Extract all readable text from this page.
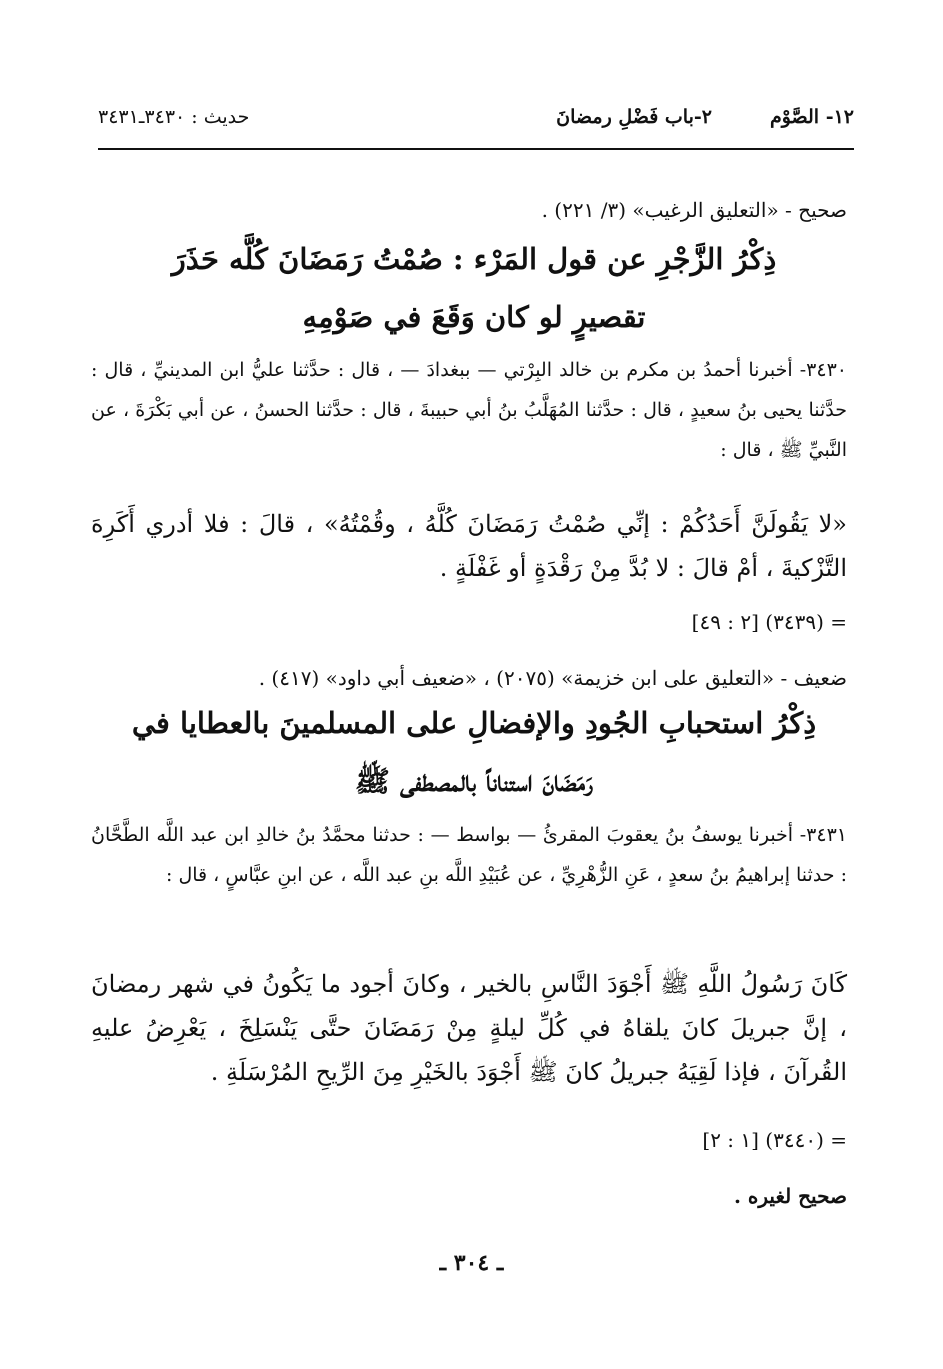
١٢- الصَّوْم
٢-باب فَضْلِ رمضانَ
حديث : ٣٤٣٠ـ٣٤٣١
صحيح - «التعليق الرغيب» (٣/ ٢٢١) .
ذِكْرُ الزَّجْرِ عن قول المَرْء : صُمْتُ رَمَضَانَ كُلَّه حَذَرَ
تقصيرٍ لو كان وَقَعَ في صَوْمِهِ
٣٤٣٠- أخبرنا أحمدُ بن مكرم بن خالد البِرْتي — ببغدادَ — ، قال : حدَّثنا عليُّ ابن المدينيِّ ، قال : حدَّثنا يحيى بنُ سعيدٍ ، قال : حدَّثنا المُهَلَّبُ بنُ أبي حبيبةَ ، قال : حدَّثنا الحسنُ ، عن أبي بَكْرَةَ ، عن النَّبيِّ ﷺ ، قال :
«لا يَقُولَنَّ أَحَدُكُمْ : إنِّي صُمْتُ رَمَضَانَ كُلَّهُ ، وقُمْتُهُ» ، قالَ : فلا أدري أَكَرِهَ التَّزْكيةَ ، أمْ قالَ : لا بُدَّ مِنْ رَقْدَةٍ أو غَفْلَةٍ .
= (٣٤٣٩) [٢ : ٤٩]
ضعيف - «التعليق على ابن خزيمة» (٢٠٧٥) ، «ضعيف أبي داود» (٤١٧) .
ذِكْرُ استحبابِ الجُودِ والإفضالِ على المسلمينَ بالعطايا في
رَمَضَانَ استناناً بالمصطفى ﷺ
٣٤٣١- أخبرنا يوسفُ بنُ يعقوبَ المقرئُ — بواسط — : حدثنا محمَّدُ بنُ خالدِ ابن عبد اللَّه الطَّحَّانُ : حدثنا إبراهيمُ بنُ سعدٍ ، عَنِ الزُّهْرِيِّ ، عن عُبَيْدِ اللَّه بنِ عبد اللَّه ، عن ابنِ عبَّاسٍ ، قال :
كَانَ رَسُولُ اللَّهِ ﷺ أَجْوَدَ النَّاسِ بالخير ، وكانَ أجود ما يَكُونُ في شهر رمضانَ ، إنَّ جبريلَ كانَ يلقاهُ في كُلِّ ليلةٍ مِنْ رَمَضَانَ حتَّى يَنْسَلِخَ ، يَعْرِضُ عليهِ القُرآنَ ، فإذا لَقِيَهُ جبريلُ كانَ ﷺ أَجْوَدَ بالخَيْرِ مِنَ الرِّيحِ المُرْسَلَةِ .
= (٣٤٤٠) [١ : ٢]
صحيح لغيره .
ـ ٣٠٤ ـ
